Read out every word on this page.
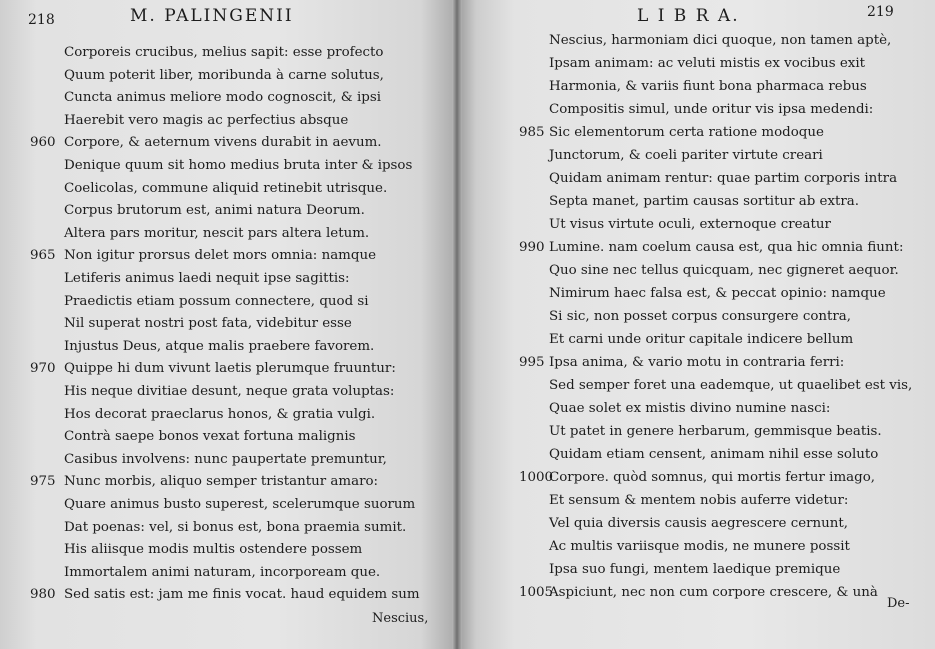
218	M. PALINGENII
Corporeis crucibus, melius sapit: esse profecto
Quum poterit liber, moribunda à carne solutus,
Cuncta animus meliore modo cognoscit, & ipsi
Haerebit vero magis ac perfectius absque
960 Corpore, & aeternum vivens durabit in aevum.
Denique quum sit homo medius bruta inter & ipsos
Coelicolas, commune aliquid retinebit utrisque.
Corpus brutorum est, animi natura Deorum.
Altera pars moritur, nescit pars altera letum.
965 Non igitur prorsus delet mors omnia: namque
Letiferis animus laedi nequit ipse sagittis:
Praedictis etiam possum connectere, quod si
Nil superat nostri post fata, videbitur esse
Injustus Deus, atque malis praebere favorem.
970 Quippe hi dum vivunt laetis plerumque fruuntur:
His neque divitiae desunt, neque grata voluptas:
Hos decorat praeclarus honos, & gratia vulgi.
Contrà saepe bonos vexat fortuna malignis
Casibus involvens: nunc paupertate premuntur,
975 Nunc morbis, aliquo semper tristantur amaro:
Quare animus busto superest, scelerumque suorum
Dat poenas: vel, si bonus est, bona praemia sumit.
His aliisque modis multis ostendere possem
Immortalem animi naturam, incorpoream que.
980 Sed satis est: jam me finis vocat. haud equidem sum
Nescius,
L I B R A.	219
Nescius, harmoniam dici quoque, non tamen aptè,
Ipsam animam: ac veluti mistis ex vocibus exit
Harmonia, & variis fiunt bona pharmaca rebus
Compositis simul, unde oritur vis ipsa medendi:
985 Sic elementorum certa ratione modoque
Junctorum, & coeli pariter virtute creari
Quidam animam rentur: quae partim corporis intra
Septa manet, partim causas sortitur ab extra.
Ut visus virtute oculi, externoque creatur
990 Lumine. nam coelum causa est, qua hic omnia fiunt:
Quo sine nec tellus quicquam, nec gigneret aequor.
Nimirum haec falsa est, & peccat opinio: namque
Si sic, non posset corpus consurgere contra,
Et carni unde oritur capitale indicere bellum
995 Ipsa anima, & vario motu in contraria ferri:
Sed semper foret una eademque, ut quaelibet est vis,
Quae solet ex mistis divino numine nasci:
Ut patet in genere herbarum, gemmisque beatis.
Quidam etiam censent, animam nihil esse soluto
1000
Corpore. quòd somnus, qui mortis fertur imago,
Et sensum & mentem nobis auferre videtur:
Vel quia diversis causis aegrescere cernunt,
Ac multis variisque modis, ne munere possit
Ipsa suo fungi, mentem laedique premique
1005
Aspiciunt, nec non cum corpore crescere, & unà
De-
